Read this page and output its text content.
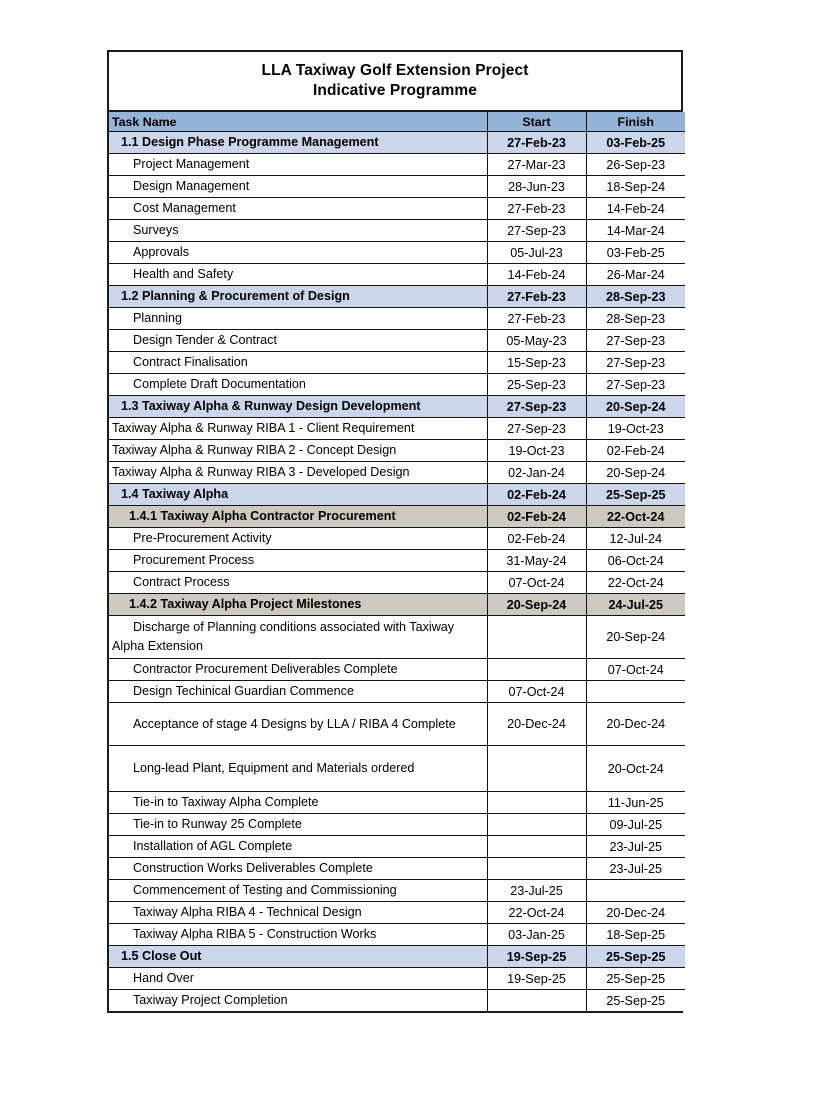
LLA Taxiway Golf Extension Project
Indicative Programme
Task Name	Start	Finish
1.1 Design Phase Programme Management	27-Feb-23	03-Feb-25
Project Management	27-Mar-23	26-Sep-23
Design Management	28-Jun-23	18-Sep-24
Cost Management	27-Feb-23	14-Feb-24
Surveys	27-Sep-23	14-Mar-24
Approvals	05-Jul-23	03-Feb-25
Health and Safety	14-Feb-24	26-Mar-24
1.2 Planning & Procurement of Design	27-Feb-23	28-Sep-23
Planning	27-Feb-23	28-Sep-23
Design Tender & Contract	05-May-23	27-Sep-23
Contract Finalisation	15-Sep-23	27-Sep-23
Complete Draft Documentation	25-Sep-23	27-Sep-23
1.3 Taxiway Alpha & Runway Design Development	27-Sep-23	20-Sep-24
Taxiway Alpha & Runway RIBA 1 - Client Requirement	27-Sep-23	19-Oct-23
Taxiway Alpha & Runway RIBA 2 - Concept Design	19-Oct-23	02-Feb-24
Taxiway Alpha & Runway RIBA 3 - Developed Design	02-Jan-24	20-Sep-24
1.4 Taxiway Alpha	02-Feb-24	25-Sep-25
1.4.1 Taxiway Alpha Contractor Procurement	02-Feb-24	22-Oct-24
Pre-Procurement Activity	02-Feb-24	12-Jul-24
Procurement Process	31-May-24	06-Oct-24
Contract Process	07-Oct-24	22-Oct-24
1.4.2 Taxiway Alpha Project Milestones	20-Sep-24	24-Jul-25
Discharge of Planning conditions associated with Taxiway Alpha Extension		20-Sep-24
Contractor Procurement Deliverables Complete		07-Oct-24
Design Techinical Guardian Commence	07-Oct-24	
Acceptance of stage 4 Designs by LLA / RIBA 4 Complete	20-Dec-24	20-Dec-24
Long-lead Plant, Equipment and Materials ordered		20-Oct-24
Tie-in to Taxiway Alpha Complete		11-Jun-25
Tie-in to Runway 25 Complete		09-Jul-25
Installation of AGL Complete		23-Jul-25
Construction Works Deliverables Complete		23-Jul-25
Commencement of Testing and Commissioning	23-Jul-25	
Taxiway Alpha RIBA 4 - Technical Design	22-Oct-24	20-Dec-24
Taxiway Alpha RIBA 5 - Construction Works	03-Jan-25	18-Sep-25
1.5 Close Out	19-Sep-25	25-Sep-25
Hand Over	19-Sep-25	25-Sep-25
Taxiway Project Completion		25-Sep-25
